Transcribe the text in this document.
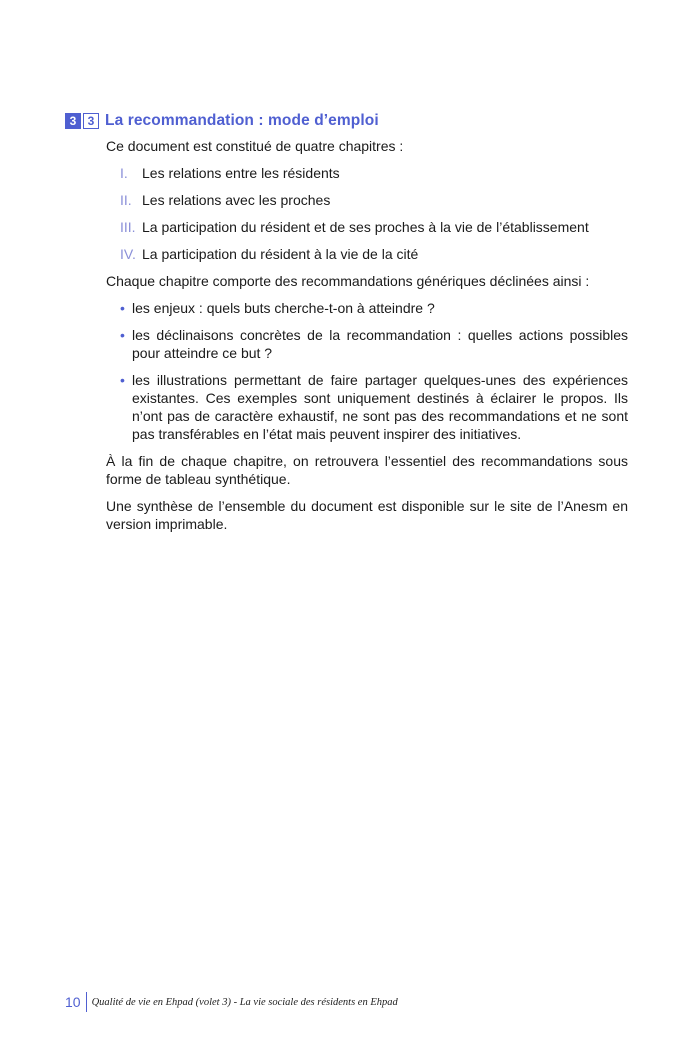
3 3 La recommandation : mode d’emploi

Ce document est constitué de quatre chapitres :

I.	Les relations entre les résidents
II. Les relations avec les proches
III. La participation du résident et de ses proches à la vie de l’établissement
IV. La participation du résident à la vie de la cité

Chaque chapitre comporte des recommandations génériques déclinées ainsi :

• les enjeux : quels buts cherche-t-on à atteindre ?
• les déclinaisons concrètes de la recommandation : quelles actions possibles pour atteindre ce but ?
• les illustrations permettant de faire partager quelques-unes des expériences existantes. Ces exemples sont uniquement destinés à éclairer le propos. Ils n’ont pas de caractère exhaustif, ne sont pas des recommandations et ne sont pas transférables en l’état mais peuvent inspirer des initiatives.

À la fin de chaque chapitre, on retrouvera l’essentiel des recommandations sous forme de tableau synthétique.

Une synthèse de l’ensemble du document est disponible sur le site de l’Anesm en version imprimable.

10	Qualité de vie en Ehpad (volet 3) - La vie sociale des résidents en Ehpad
